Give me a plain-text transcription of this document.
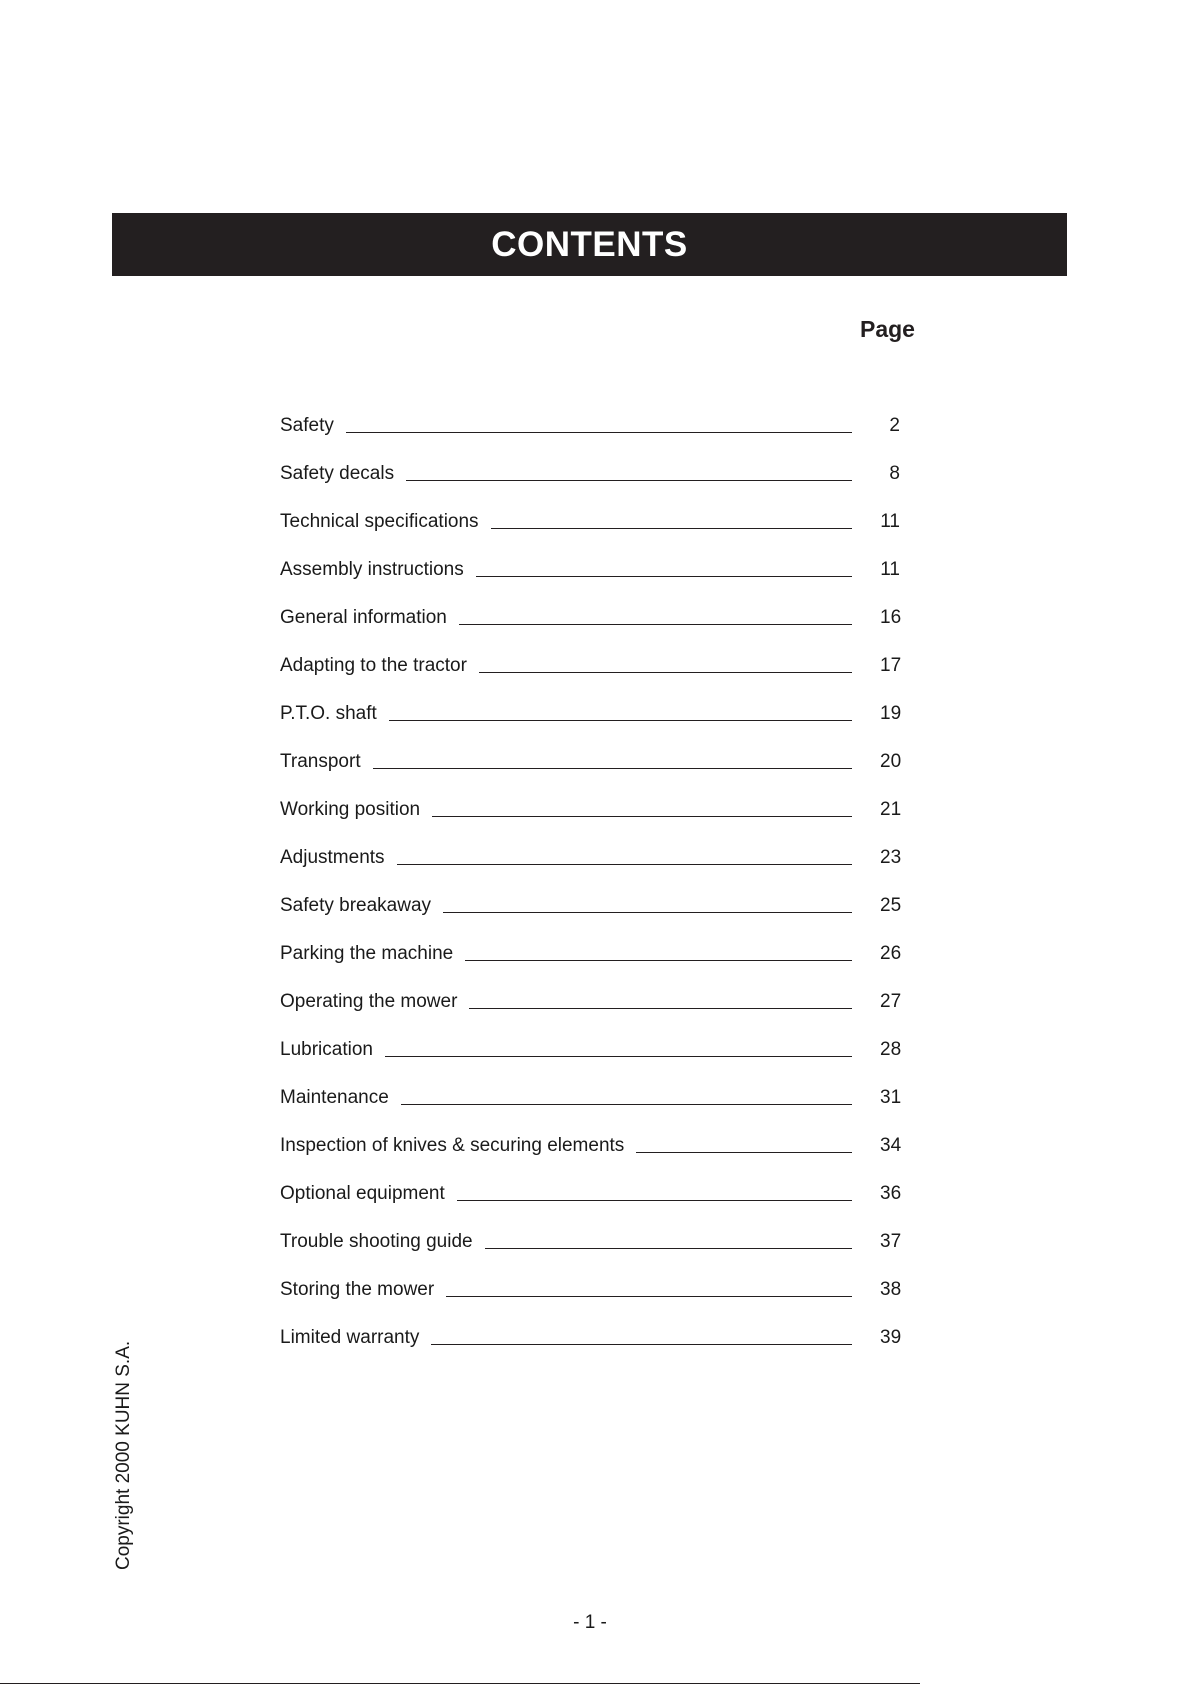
CONTENTS
Page
Safety	2
Safety decals	8
Technical specifications	11
Assembly instructions	11
General information	16
Adapting to the tractor	17
P.T.O. shaft	19
Transport	20
Working position	21
Adjustments	23
Safety breakaway	25
Parking the machine	26
Operating the mower	27
Lubrication	28
Maintenance	31
Inspection of knives & securing elements	34
Optional equipment	36
Trouble shooting guide	37
Storing the mower	38
Limited warranty	39
Copyright 2000 KUHN S.A.
- 1 -
